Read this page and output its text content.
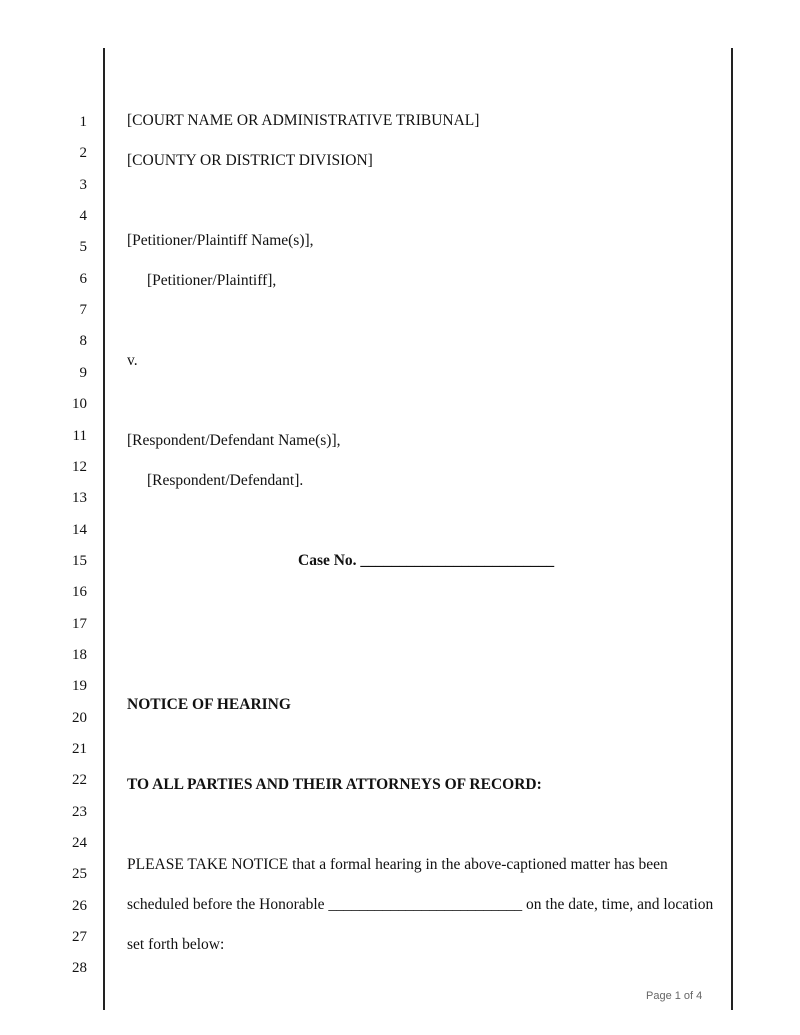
1
2
3
4
5
6
7
8
9
10
11
12
13
14
15
16
17
18
19
20
21
22
23
24
25
26
27
28
[COURT NAME OR ADMINISTRATIVE TRIBUNAL]
[COUNTY OR DISTRICT DIVISION]
[Petitioner/Plaintiff Name(s)],
[Petitioner/Plaintiff],
v.
[Respondent/Defendant Name(s)],
[Respondent/Defendant].
Case No. _________________________
NOTICE OF HEARING
TO ALL PARTIES AND THEIR ATTORNEYS OF RECORD:
PLEASE TAKE NOTICE that a formal hearing in the above-captioned matter has been
scheduled before the Honorable _________________________ on the date, time, and location
set forth below:
Page 1 of 4
